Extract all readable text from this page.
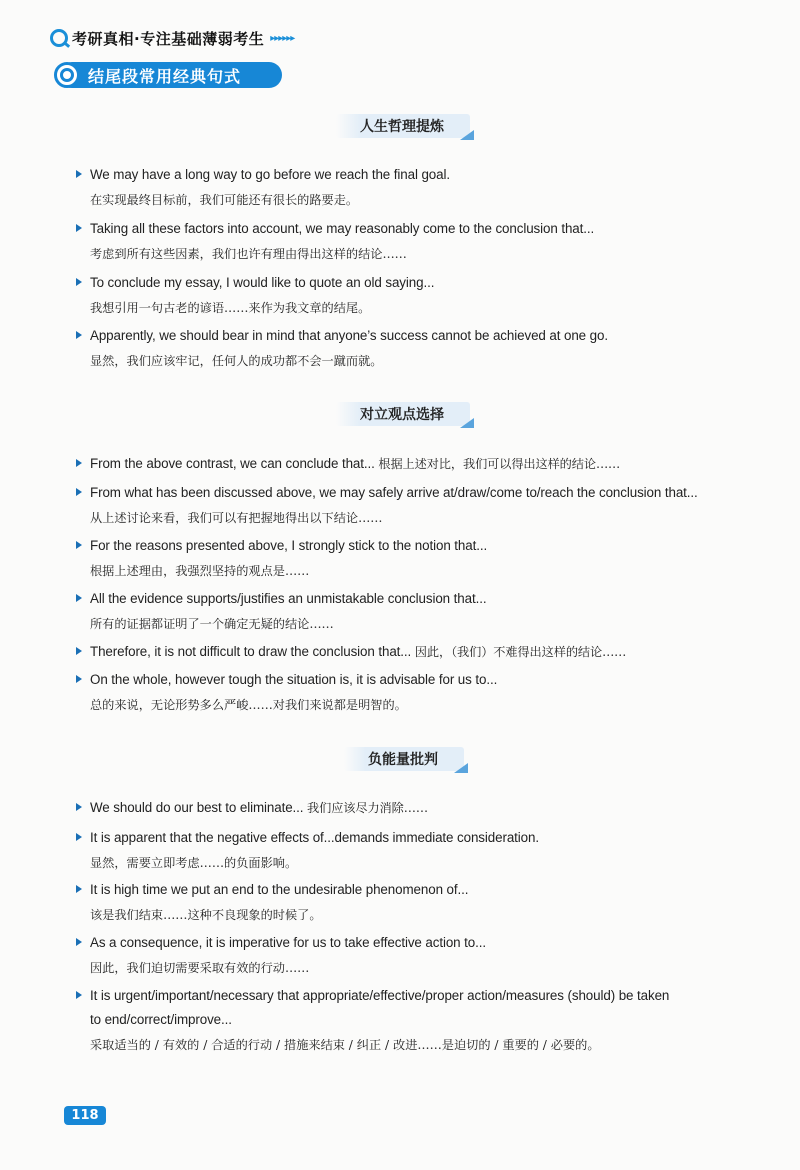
考研真相·专注基础薄弱考生 ▸▸▸▸▸▸
结尾段常用经典句式
人生哲理提炼
We may have a long way to go before we reach the final goal.
在实现最终目标前，我们可能还有很长的路要走。
Taking all these factors into account, we may reasonably come to the conclusion that...
考虑到所有这些因素，我们也许有理由得出这样的结论……
To conclude my essay, I would like to quote an old saying...
我想引用一句古老的谚语……来作为我文章的结尾。
Apparently, we should bear in mind that anyone’s success cannot be achieved at one go.
显然，我们应该牢记，任何人的成功都不会一蹴而就。
对立观点选择
From the above contrast, we can conclude that... 根据上述对比，我们可以得出这样的结论……
From what has been discussed above, we may safely arrive at/draw/come to/reach the conclusion that...
从上述讨论来看，我们可以有把握地得出以下结论……
For the reasons presented above, I strongly stick to the notion that...
根据上述理由，我强烈坚持的观点是……
All the evidence supports/justifies an unmistakable conclusion that...
所有的证据都证明了一个确定无疑的结论……
Therefore, it is not difficult to draw the conclusion that... 因此，（我们）不难得出这样的结论……
On the whole, however tough the situation is, it is advisable for us to...
总的来说，无论形势多么严峻……对我们来说都是明智的。
负能量批判
We should do our best to eliminate... 我们应该尽力消除……
It is apparent that the negative effects of...demands immediate consideration.
显然，需要立即考虑……的负面影响。
It is high time we put an end to the undesirable phenomenon of...
该是我们结束……这种不良现象的时候了。
As a consequence, it is imperative for us to take effective action to...
因此，我们迫切需要采取有效的行动……
It is urgent/important/necessary that appropriate/effective/proper action/measures (should) be taken
to end/correct/improve...
采取适当的 / 有效的 / 合适的行动 / 措施来结束 / 纠正 / 改进……是迫切的 / 重要的 / 必要的。
118
